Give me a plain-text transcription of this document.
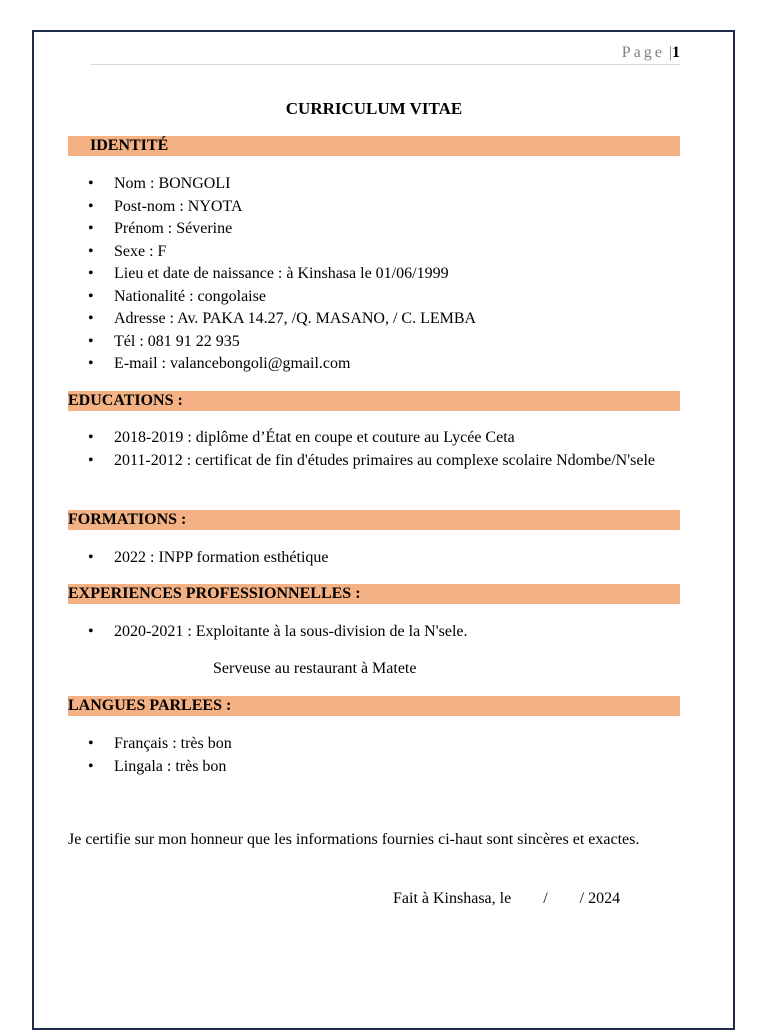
Page |1
CURRICULUM VITAE
IDENTITÉ
• Nom : BONGOLI
• Post-nom : NYOTA
• Prénom : Séverine
• Sexe : F
• Lieu et date de naissance : à Kinshasa le 01/06/1999
• Nationalité : congolaise
• Adresse : Av. PAKA 14.27, /Q. MASANO, / C. LEMBA
• Tél : 081 91 22 935
• E-mail : valancebongoli@gmail.com
EDUCATIONS :
• 2018-2019 : diplôme d’État en coupe et couture au Lycée Ceta
• 2011-2012 : certificat de fin d'études primaires au complexe scolaire Ndombe/N'sele
FORMATIONS :
• 2022 : INPP formation esthétique
EXPERIENCES PROFESSIONNELLES :
• 2020-2021 : Exploitante à la sous-division de la N'sele.
Serveuse au restaurant à Matete
LANGUES PARLEES :
• Français : très bon
• Lingala : très bon
Je certifie sur mon honneur que les informations fournies ci-haut sont sincères et exactes.
Fait à Kinshasa, le        /        / 2024
